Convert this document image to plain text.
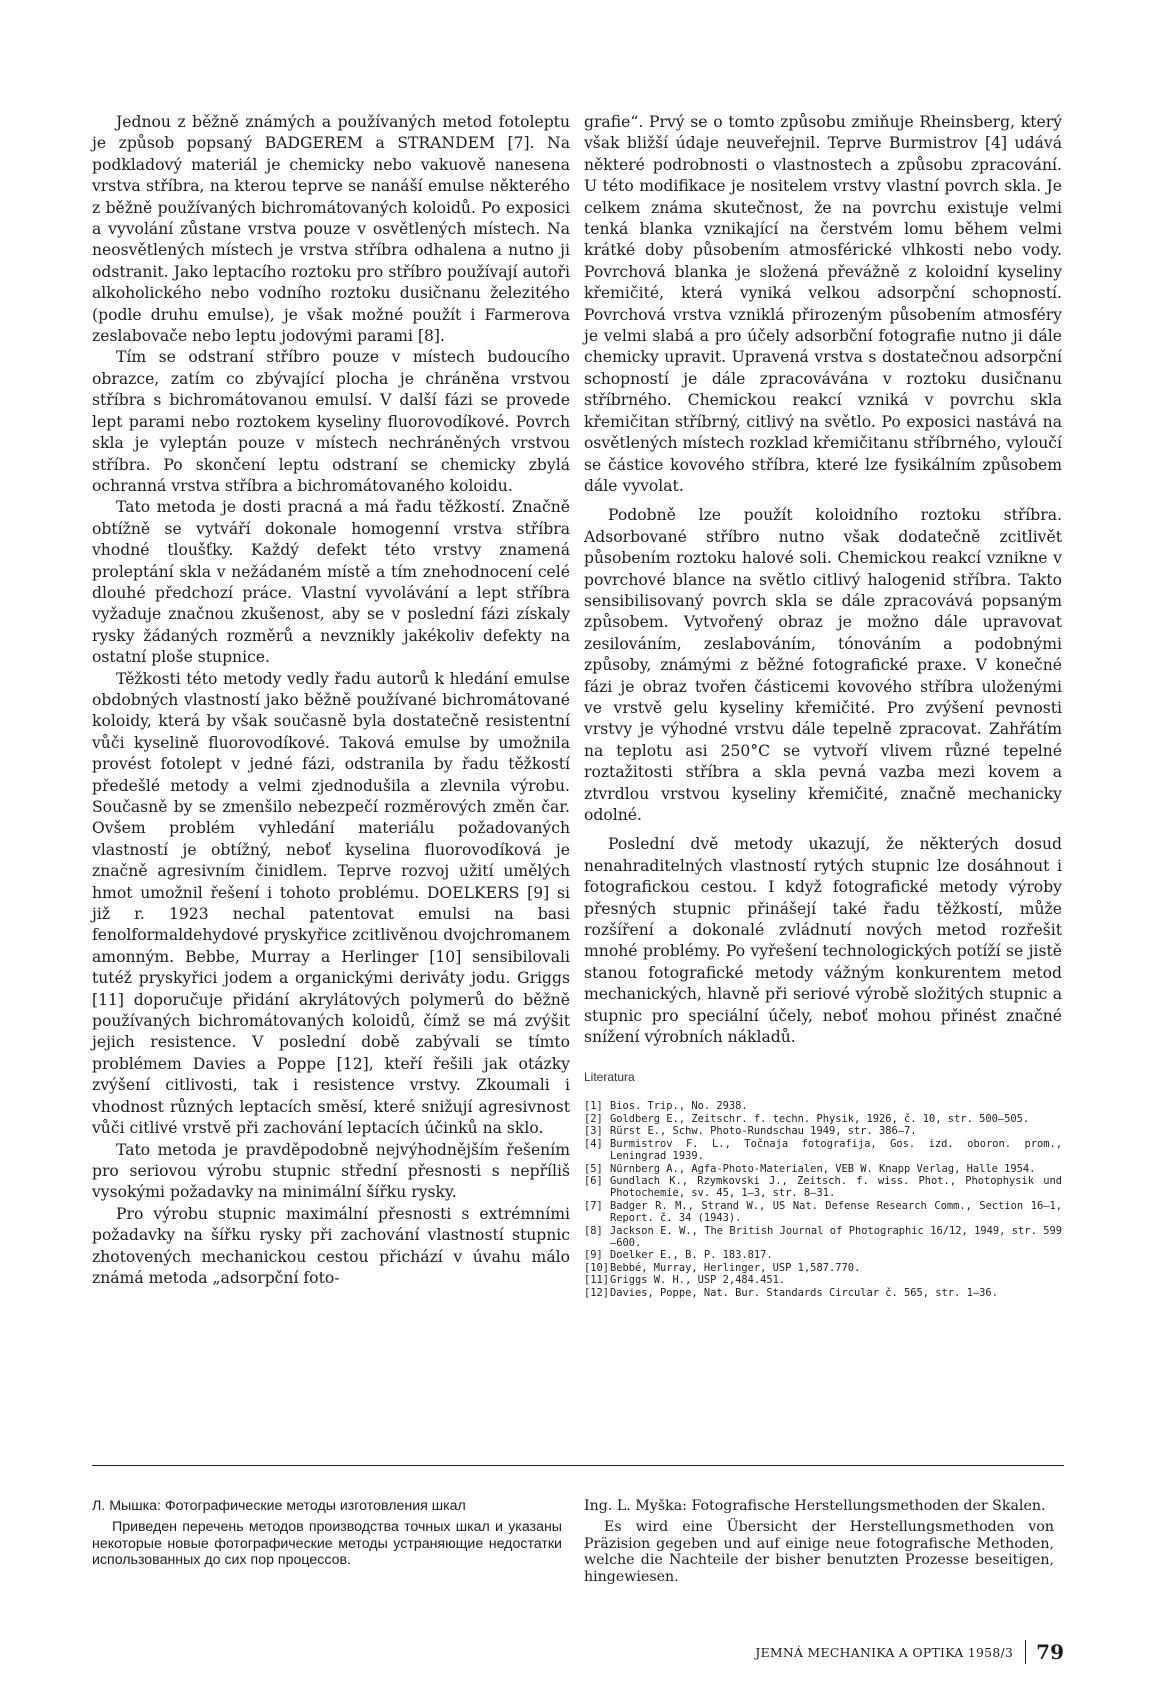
Jednou z běžně známých a používaných metod fotoleptu je způsob popsaný BADGEREM a STRANDEM [7]. Na podkladový materiál je chemicky nebo vakuově nanesena vrstva stříbra, na kterou teprve se nanáší emulse některého z běžně používaných bichromátovaných koloidů. Po exposici a vyvolání zůstane vrstva pouze v osvětlených místech. Na neosvětlených místech je vrstva stříbra odhalena a nutno ji odstranit. Jako leptacího roztoku pro stříbro používají autoři alkoholického nebo vodního roztoku dusičnanu železitého (podle druhu emulse), je však možné použít i Farmerova zeslabovače nebo leptu jodovými parami [8].

Tím se odstraní stříbro pouze v místech budoucího obrazce, zatím co zbývající plocha je chráněna vrstvou stříbra s bichromátovanou emulsí. V další fázi se provede lept parami nebo roztokem kyseliny fluorovodíkové. Povrch skla je vyleptán pouze v místech nechráněných vrstvou stříbra. Po skončení leptu odstraní se chemicky zbylá ochranná vrstva stříbra a bichromátovaného koloidu.

Tato metoda je dosti pracná a má řadu těžkostí. Značně obtížně se vytváří dokonale homogenní vrstva stříbra vhodné tloušťky. Každý defekt této vrstvy znamená proleptání skla v nežádaném místě a tím znehodnocení celé dlouhé předchozí práce. Vlastní vyvolávání a lept stříbra vyžaduje značnou zkušenost, aby se v poslední fázi získaly rysky žádaných rozměrů a nevznikly jakékoliv defekty na ostatní ploše stupnice.

Těžkosti této metody vedly řadu autorů k hledání emulse obdobných vlastností jako běžně používané bichromátované koloidy, která by však současně byla dostatečně resistentní vůči kyselině fluorovodíkové. Taková emulse by umožnila provést fotolept v jedné fázi, odstranila by řadu těžkostí předešlé metody a velmi zjednodušila a zlevnila výrobu. Současně by se zmenšilo nebezpečí rozměrových změn čar. Ovšem problém vyhledání materiálu požadovaných vlastností je obtížný, neboť kyselina fluorovodíková je značně agresivním činidlem. Teprve rozvoj užití umělých hmot umožnil řešení i tohoto problému. DOELKERS [9] si již r. 1923 nechal patentovat emulsi na basi fenolformaldehydové pryskyřice zcitlivěnou dvojchromanem amonným. Bebbe, Murray a Herlinger [10] sensibilovali tutéž pryskyřici jodem a organickými deriváty jodu. Griggs [11] doporučuje přidání akrylátových polymerů do běžně používaných bichromátovaných koloidů, čímž se má zvýšit jejich resistence. V poslední době zabývali se tímto problémem Davies a Poppe [12], kteří řešili jak otázky zvýšení citlivosti, tak i resistence vrstvy. Zkoumali i vhodnost různých leptacích směsí, které snižují agresivnost vůči citlivé vrstvě při zachování leptacích účinků na sklo.

Tato metoda je pravděpodobně nejvýhodnějším řešením pro seriovou výrobu stupnic střední přesnosti s nepříliš vysokými požadavky na minimální šířku rysky.

Pro výrobu stupnic maximální přesnosti s extrémními požadavky na šířku rysky při zachování vlastností stupnic zhotovených mechanickou cestou přichází v úvahu málo známá metoda „adsorpční foto-

grafie“. Prvý se o tomto způsobu zmiňuje Rheinsberg, který však bližší údaje neuveřejnil. Teprve Burmistrov [4] udává některé podrobnosti o vlastnostech a způsobu zpracování. U této modifikace je nositelem vrstvy vlastní povrch skla. Je celkem známa skutečnost, že na povrchu existuje velmi tenká blanka vznikající na čerstvém lomu během velmi krátké doby působením atmosférické vlhkosti nebo vody. Povrchová blanka je složená převážně z koloidní kyseliny křemičité, která vyniká velkou adsorpční schopností. Povrchová vrstva vzniklá přirozeným působením atmosféry je velmi slabá a pro účely adsorbční fotografie nutno ji dále chemicky upravit. Upravená vrstva s dostatečnou adsorpční schopností je dále zpracovávána v roztoku dusičnanu stříbrného. Chemickou reakcí vzniká v povrchu skla křemičitan stříbrný, citlivý na světlo. Po exposici nastává na osvětlených místech rozklad křemičitanu stříbrného, vyloučí se částice kovového stříbra, které lze fysikálním způsobem dále vyvolat.

Podobně lze použít koloidního roztoku stříbra. Adsorbované stříbro nutno však dodatečně zcitlivět působením roztoku halové soli. Chemickou reakcí vznikne v povrchové blance na světlo citlivý halogenid stříbra. Takto sensibilisovaný povrch skla se dále zpracovává popsaným způsobem. Vytvořený obraz je možno dále upravovat zesilováním, zeslabováním, tónováním a podobnými způsoby, známými z běžné fotografické praxe. V konečné fázi je obraz tvořen částicemi kovového stříbra uloženými ve vrstvě gelu kyseliny křemičité. Pro zvýšení pevnosti vrstvy je výhodné vrstvu dále tepelně zpracovat. Zahřátím na teplotu asi 250°C se vytvoří vlivem různé tepelné roztažitosti stříbra a skla pevná vazba mezi kovem a ztvrdlou vrstvou kyseliny křemičité, značně mechanicky odolné.

Poslední dvě metody ukazují, že některých dosud nenahraditelných vlastností rytých stupnic lze dosáhnout i fotografickou cestou. I když fotografické metody výroby přesných stupnic přinášejí také řadu těžkostí, může rozšíření a dokonalé zvládnutí nových metod rozřešit mnohé problémy. Po vyřešení technologických potíží se jistě stanou fotografické metody vážným konkurentem metod mechanických, hlavně při seriové výrobě složitých stupnic a stupnic pro speciální účely, neboť mohou přinést značné snížení výrobních nákladů.

Literatura
[1] Bios. Trip., No. 2938.
[2] Goldberg E., Zeitschr. f. techn. Physik, 1926, č. 10, str. 500—505.
[3] Rürst E., Schw. Photo-Rundschau 1949, str. 386—7.
[4] Burmistrov F. L., Točnaja fotografija, Gos. izd. oboron. prom., Leningrad 1939.
[5] Nürnberg A., Agfa-Photo-Materialen, VEB W. Knapp Verlag, Halle 1954.
[6] Gundlach K., Rzymkovski J., Zeitsch. f. wiss. Phot., Photophysik und Photochemie, sv. 45, 1—3, str. 8—31.
[7] Badger R. M., Strand W., US Nat. Defense Research Comm., Section 16—1, Report. č. 34 (1943).
[8] Jackson E. W., The British Journal of Photographic 16/12, 1949, str. 599—600.
[9] Doelker E., B. P. 183.817.
[10] Bebbé, Murray, Herlinger, USP 1,587.770.
[11] Griggs W. H., USP 2,484.451.
[12] Davies, Poppe, Nat. Bur. Standards Circular č. 565, str. 1—36.

Л. Мышка: Фотографические методы изготовления шкал

Приведен перечень методов производства точных шкал и указаны некоторые новые фотографические методы устраняющие недостатки использованных до сих пор процессов.

Ing. L. Myška: Fotografische Herstellungsmethoden der Skalen.

Es wird eine Übersicht der Herstellungsmethoden von Präzision gegeben und auf einige neue fotografische Methoden, welche die Nachteile der bisher benutzten Prozesse beseitigen, hingewiesen.

JEMNÁ MECHANIKA A OPTIKA 1958/3 79
